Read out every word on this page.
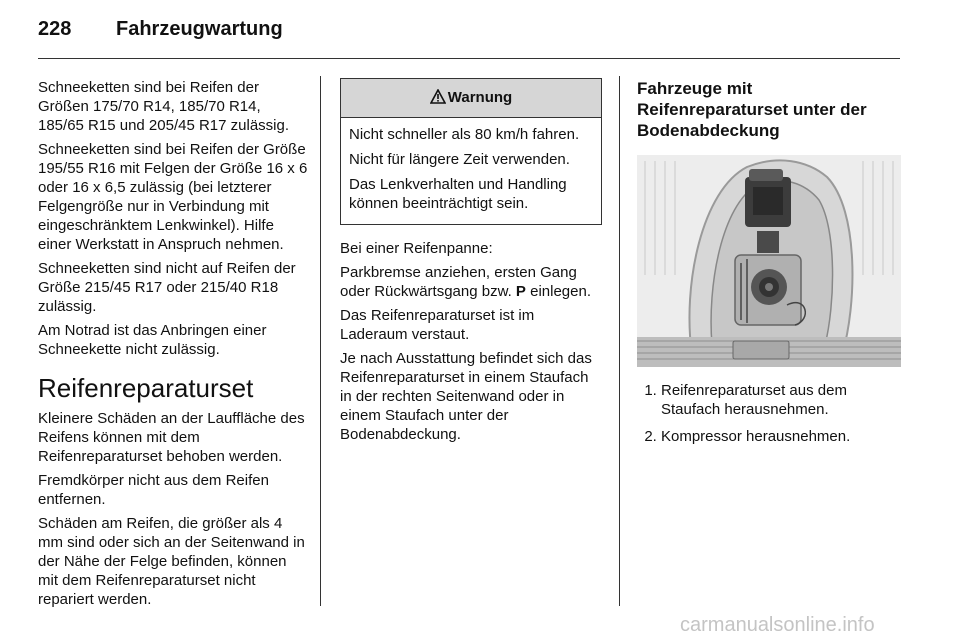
228 Fahrzeugwartung

Schneeketten sind bei Reifen der Größen 175/70 R14, 185/70 R14, 185/65 R15 und 205/45 R17 zulässig.

Schneeketten sind bei Reifen der Größe 195/55 R16 mit Felgen der Größe 16 x 6 oder 16 x 6,5 zulässig (bei letzterer Felgengröße nur in Verbindung mit eingeschränktem Lenkwinkel). Hilfe einer Werkstatt in Anspruch nehmen.

Schneeketten sind nicht auf Reifen der Größe 215/45 R17 oder 215/40 R18 zulässig.

Am Notrad ist das Anbringen einer Schneekette nicht zulässig.

Reifenreparaturset

Kleinere Schäden an der Lauffläche des Reifens können mit dem Reifenreparaturset behoben werden.

Fremdkörper nicht aus dem Reifen entfernen.

Schäden am Reifen, die größer als 4 mm sind oder sich an der Seitenwand in der Nähe der Felge befinden, können mit dem Reifenreparaturset nicht repariert werden.

Warnung

Nicht schneller als 80 km/h fahren.

Nicht für längere Zeit verwenden.

Das Lenkverhalten und Handling können beeinträchtigt sein.

Bei einer Reifenpanne:

Parkbremse anziehen, ersten Gang oder Rückwärtsgang bzw. P einlegen.

Das Reifenreparaturset ist im Laderaum verstaut.

Je nach Ausstattung befindet sich das Reifenreparaturset in einem Staufach in der rechten Seitenwand oder in einem Staufach unter der Bodenabdeckung.

Fahrzeuge mit Reifenreparaturset unter der Bodenabdeckung
1. Reifenreparaturset aus dem Staufach herausnehmen.
2. Kompressor herausnehmen.
carmanualsonline.info
